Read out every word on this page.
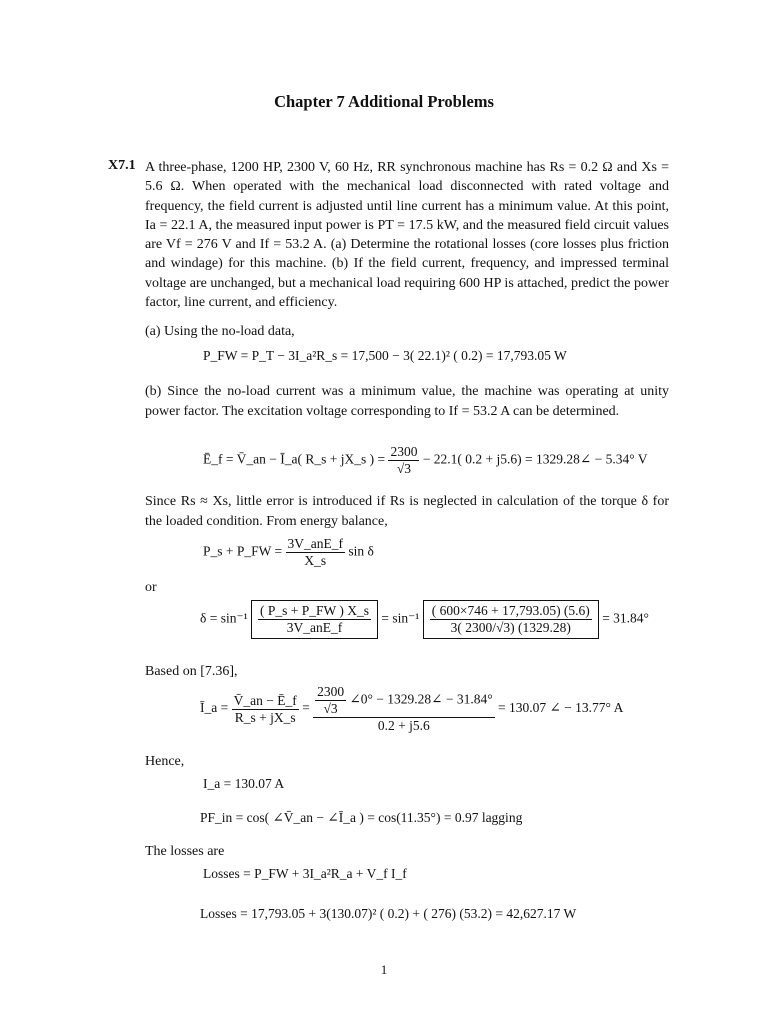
Chapter 7 Additional Problems
X7.1 A three-phase, 1200 HP, 2300 V, 60 Hz, RR synchronous machine has Rs = 0.2 Ω and Xs = 5.6 Ω. When operated with the mechanical load disconnected with rated voltage and frequency, the field current is adjusted until line current has a minimum value. At this point, Ia = 22.1 A, the measured input power is PT = 17.5 kW, and the measured field circuit values are Vf = 276 V and If = 53.2 A. (a) Determine the rotational losses (core losses plus friction and windage) for this machine. (b) If the field current, frequency, and impressed terminal voltage are unchanged, but a mechanical load requiring 600 HP is attached, predict the power factor, line current, and efficiency.
(a) Using the no-load data,
P_FW = P_T − 3I_a²R_s = 17,500 − 3( 22.1)² ( 0.2) = 17,793.05 W
(b) Since the no-load current was a minimum value, the machine was operating at unity power factor. The excitation voltage corresponding to If = 53.2 A can be determined.
Ē_f = V̄_an − Ī_a( R_s + jX_s ) = $\frac{2300}{√3} - 22.1$( 0.2 + j5.6) = 1329.28∠ − 5.34° V
Since Rs ≈ Xs, little error is introduced if Rs is neglected in calculation of the torque δ for the loaded condition. From energy balance,
P_s + P_FW = $\frac{\text{3V\_anE\_f}}{X\_s}$ sin δ
or
$\delta = \sin^{-1} \frac{( P\_s + P\_FW ) X\_s}{\text{3V\_anE\_f}} = \sin^{-1} \frac{( 600\times 746 + 17,793.05) (5.6)}{3( 2300/√3) (1329.28)} = 31.84^\circ$
Based on [7.36],
Ī_a = $\frac{V̄\_an - Ē\_f}{R\_s + jX\_s} = \frac{\frac{2300}{√3} \angle 0^\circ - 1329.28\angle - 31.84^\circ}{0.2 + j5.6} = 130.07$ ∠ − 13.77° A
Hence,
I_a = 130.07 A
PF_in = cos( ∠V̄_an − ∠Ī_a ) = cos(11.35°) = 0.97 lagging
The losses are
Losses = P_FW + 3I_a²R_a + V_f I_f
Losses = 17,793.05 + 3(130.07)² ( 0.2) + ( 276) (53.2) = 42,627.17 W
1
